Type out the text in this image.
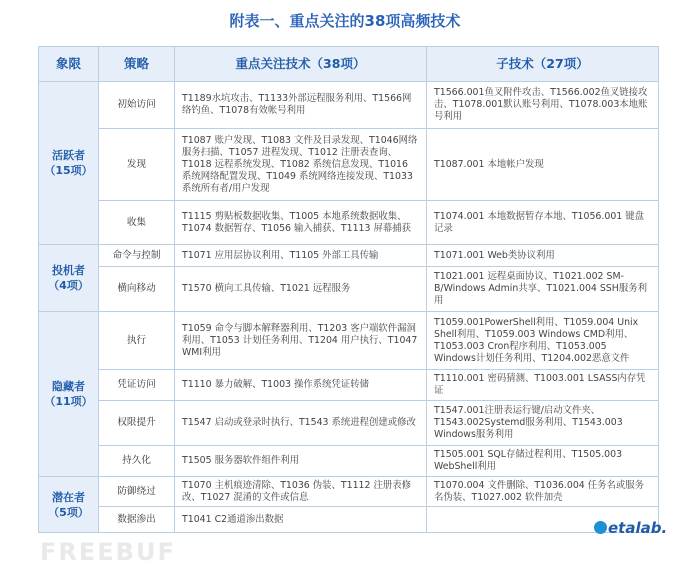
附表一、重点关注的38项高频技术
象限	策略	重点关注技术（38项）	子技术（27项）
活跃者
（15项）	初始访问	T1189水坑攻击、T1133外部远程服务利用、T1566网络钓鱼、T1078有效帐号利用	T1566.001鱼叉附件攻击、T1566.002鱼叉链接攻击、T1078.001默认账号利用、T1078.003本地账号利用
	发现	T1087 账户发现、T1083 文件及目录发现、T1046网络服务扫描、T1057 进程发现、T1012 注册表查询、T1018 远程系统发现、T1082 系统信息发现、T1016 系统网络配置发现、T1049 系统网络连接发现、T1033 系统所有者/用户发现	T1087.001 本地帐户发现
	收集	T1115 剪贴板数据收集、T1005 本地系统数据收集、T1074 数据暂存、T1056 输入捕获、T1113 屏幕捕获	T1074.001 本地数据暂存本地、T1056.001 键盘记录
投机者
（4项）	命令与控制	T1071 应用层协议利用、T1105 外部工具传输	T1071.001 Web类协议利用
	横向移动	T1570 横向工具传输、T1021 远程服务	T1021.001 远程桌面协议、T1021.002 SM-B/Windows Admin共享、T1021.004 SSH服务利用
隐藏者
（11项）	执行	T1059 命令与脚本解释器利用、T1203 客户端软件漏洞利用、T1053 计划任务利用、T1204 用户执行、T1047 WMI利用	T1059.001PowerShell利用、T1059.004 Unix Shell利用、T1059.003 Windows CMD利用、T1053.003 Cron程序利用、T1053.005 Windows计划任务利用、T1204.002恶意文件
	凭证访问	T1110 暴力破解、T1003 操作系统凭证转储	T1110.001 密码猜测、T1003.001 LSASS内存凭证
	权限提升	T1547 启动或登录时执行、T1543 系统进程创建或修改	T1547.001注册表运行键/启动文件夹、T1543.002Systemd服务利用、T1543.003 Windows服务利用
	持久化	T1505 服务器软件组件利用	T1505.001 SQL存储过程利用、T1505.003 WebShell利用
潜在者
（5项）	防御绕过	T1070 主机痕迹清除、T1036 伪装、T1112 注册表修改、T1027 混淆的文件或信息	T1070.004 文件删除、T1036.004 任务名或服务名伪装、T1027.002 软件加壳
	数据渗出	T1041 C2通道渗出数据	
FREEBUF
etalab.
